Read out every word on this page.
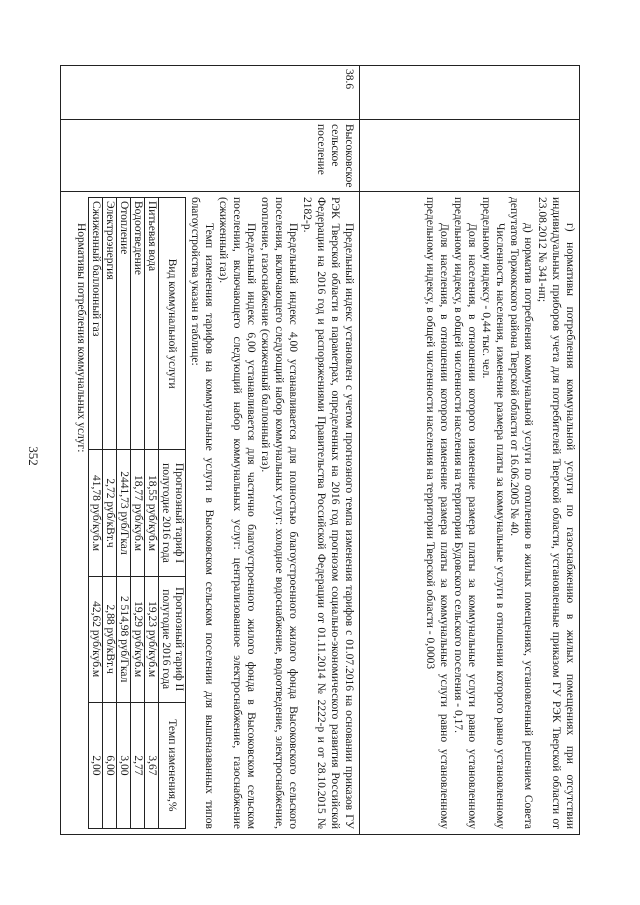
352	г) нормативы потребления коммунальной услуги по газоснабжению в жилых помещениях при отсутствии индивидуальных приборов учета для потребителей Тверской области, установленные приказом ГУ РЭК Тверской области от 23.08.2012 № 341-нп;

д) норматив потребления коммунальной услуги по отоплению в жилых помещениях, установленный решением Совета депутатов Торжокского района Тверской области от 16.06.2005 № 40.

Численность населения, изменение размера платы за коммунальные услуги в отношении которого равно установленному предельному индексу - 0,44 тыс. чел.

Доля населения, в отношении которого изменение размера платы за коммунальные услуги равно установленному предельному индексу, в общей численности населения на территории Будовского сельского поселения - 0,17.

Доля населения, в отношении которого изменение размера платы за коммунальные услуги равно установленному предельному индексу, в общей численности населения на территории Тверской области - 0,0003

38.6
Высоковское сельское поселение

Предельный индекс установлен с учетом прогнозного темпа изменения тарифов с 01.07.2016 на основании приказов ГУ РЭК Тверской области в параметрах, определенных на 2016 год прогнозом социально-экономического развития Российской Федерации на 2016 год и распоряжениями Правительства Российской Федерации от 01.11.2014 № 2222-р и от 28.10.2015 № 2182-р.

Предельный индекс 4,00 устанавливается для полностью благоустроенного жилого фонда Высоковского сельского поселения, включающего следующий набор коммунальных услуг: холодное водоснабжение, водоотведение, электроснабжение, отопление, газоснабжение (сжиженный баллонный газ).

Предельный индекс 6,00 устанавливается для частично благоустроенного жилого фонда в Высоковском сельском поселении, включающего следующий набор коммунальных услуг: централизованное электроснабжение, газоснабжение (сжиженный газ).

Темп изменения тарифов на коммунальные услуги в Высоковском сельском поселении для вышеназванных типов благоустройства указан в таблице:

Вид коммунальной услуги	Прогнозный тариф I полугодие 2016 года	Прогнозный тариф II полугодие 2016 года	Темп изменения,%
Питьевая вода	18,55 руб/куб.м	19,23 руб/куб.м	3,67
Водоотведение	18,77 руб/куб.м	19,29 руб/куб.м	2,77
Отопление	2441,73 руб/Гкал	2 514,98 руб/Гкал	3,00
Электроэнергия	2,72 руб/кВт.ч	2,88 руб/кВт.ч	6,00
Сжиженный баллонный газ	41,78 руб/куб.м	42,62 руб/куб.м	2,00

Нормативы потребления коммунальных услуг:
